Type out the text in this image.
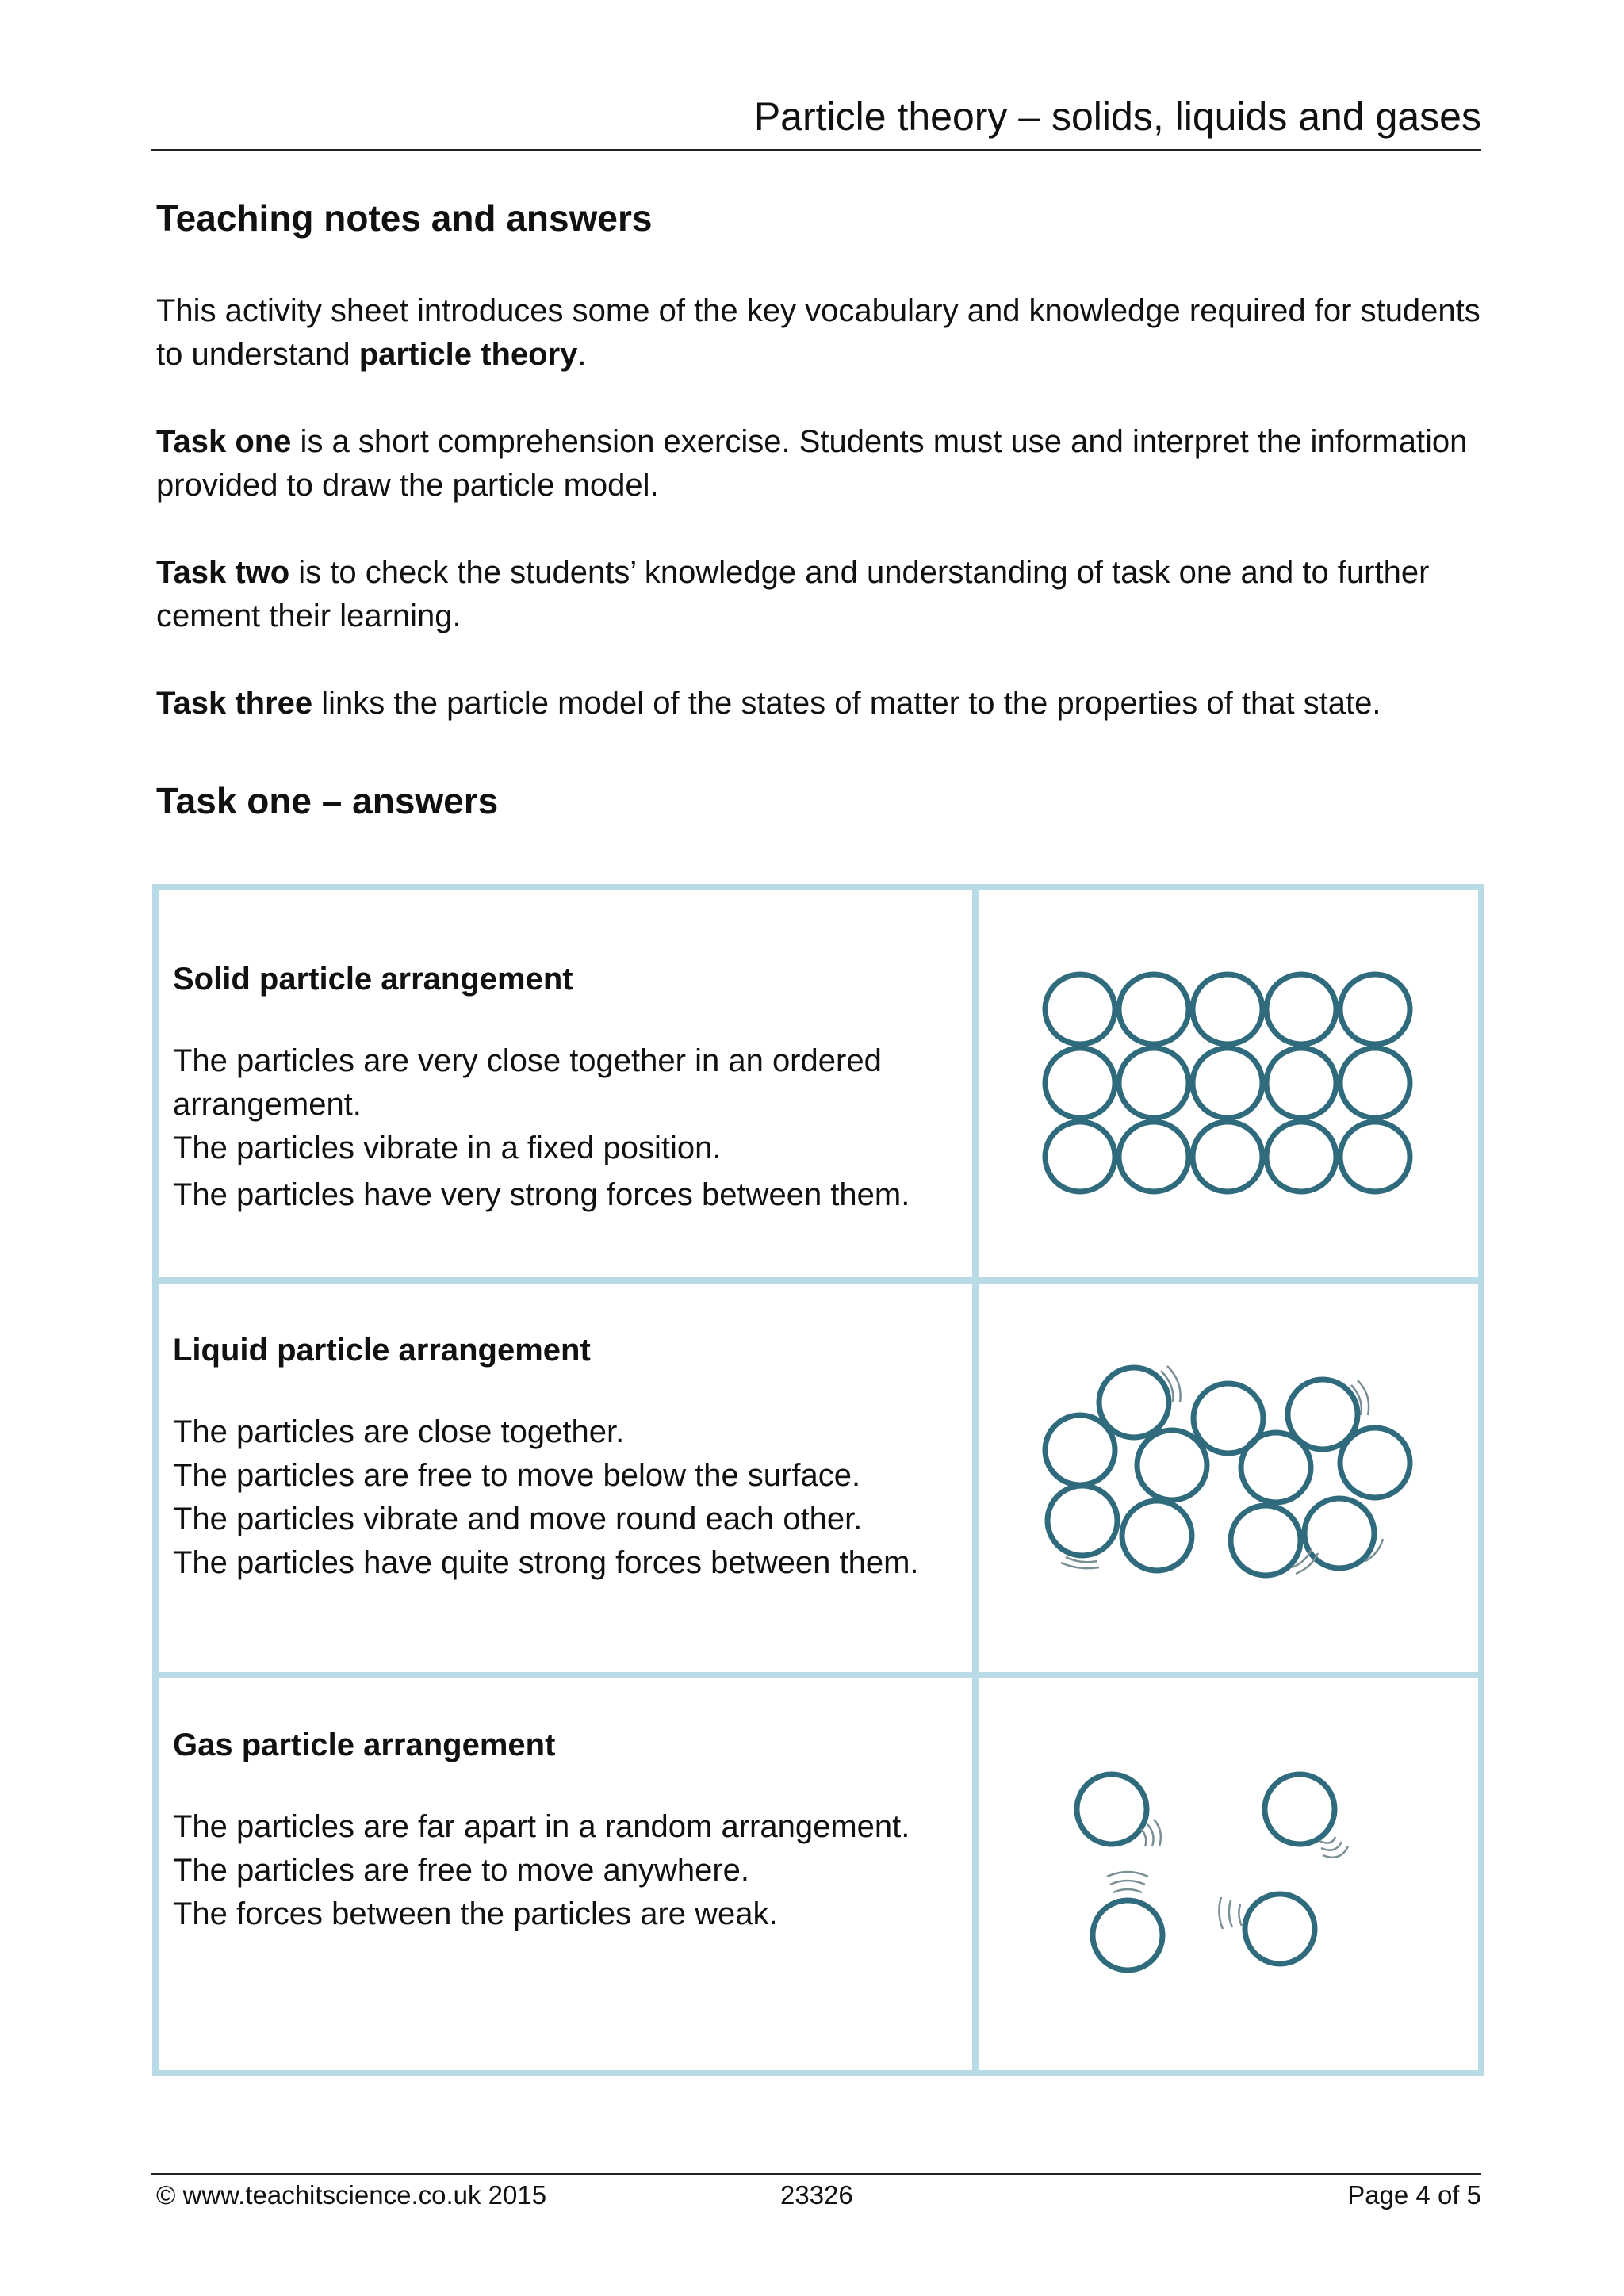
Particle theory – solids, liquids and gases
Teaching notes and answers

This activity sheet introduces some of the key vocabulary and knowledge required for students to understand particle theory.

Task one is a short comprehension exercise. Students must use and interpret the information provided to draw the particle model.

Task two is to check the students’ knowledge and understanding of task one and to further cement their learning.

Task three links the particle model of the states of matter to the properties of that state.

Task one – answers

Solid particle arrangement

The particles are very close together in an ordered arrangement.

The particles vibrate in a fixed position.

The particles have very strong forces between them.

Liquid particle arrangement

The particles are close together.

The particles are free to move below the surface.

The particles vibrate and move round each other.

The particles have quite strong forces between them.

Gas particle arrangement

The particles are far apart in a random arrangement.

The particles are free to move anywhere.

The forces between the particles are weak.

© www.teachitscience.co.uk 2015	23326	Page 4 of 5
